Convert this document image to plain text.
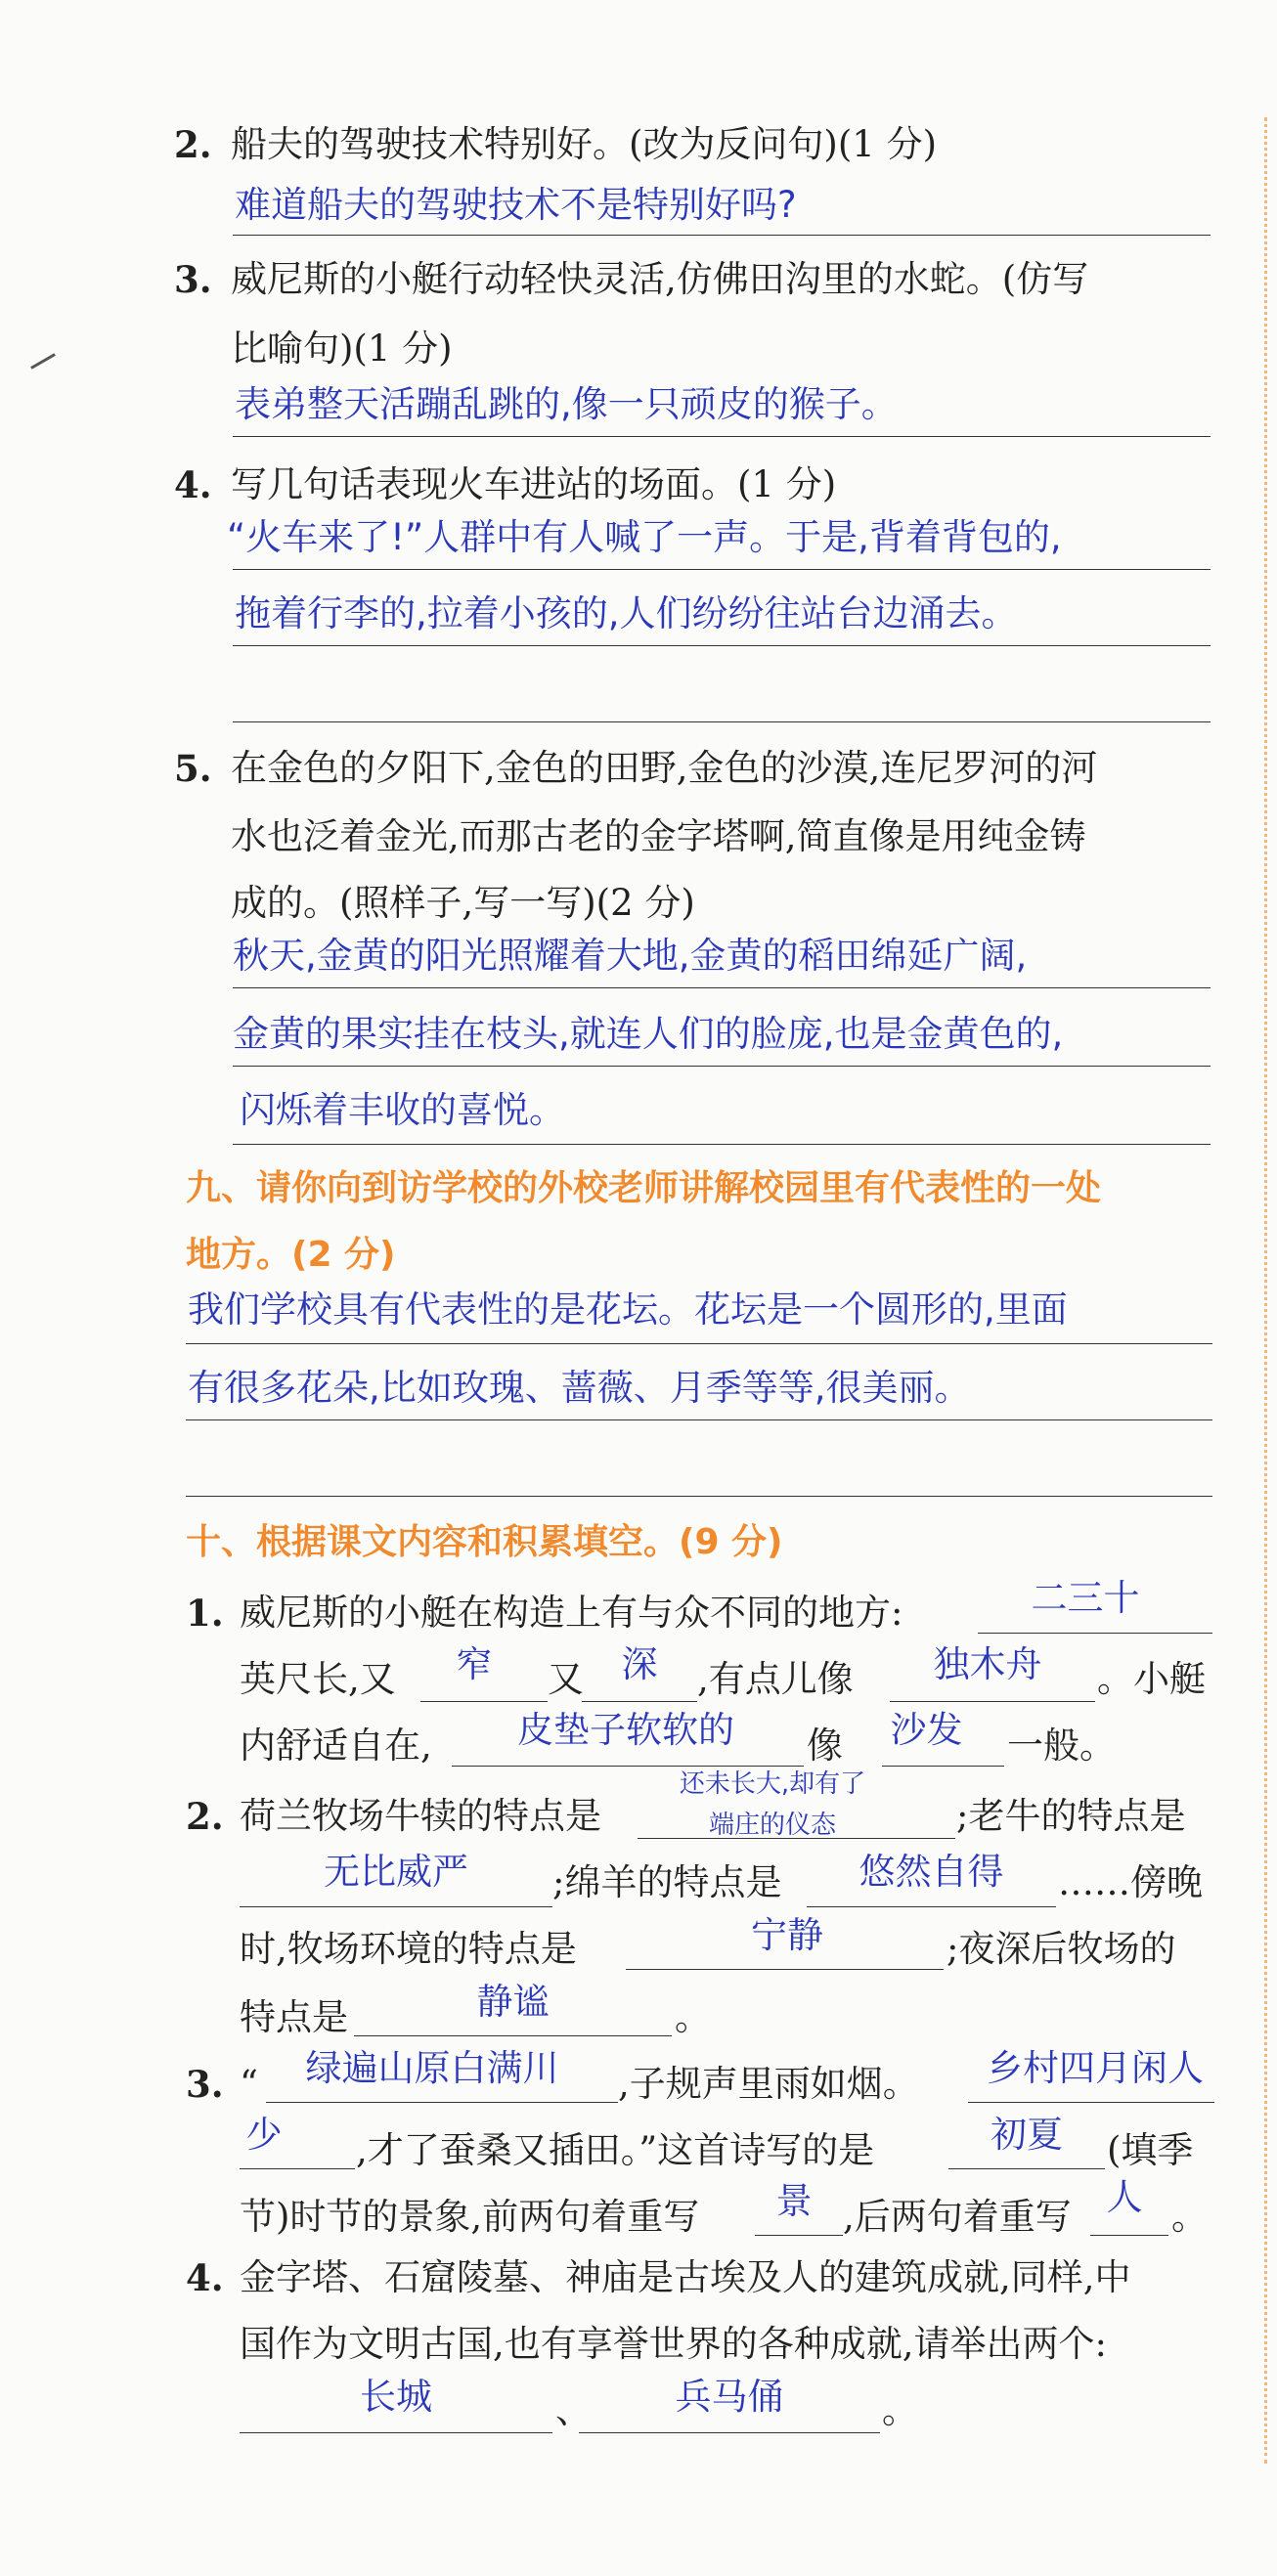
2. 船夫的驾驶技术特别好。(改为反问句)(1 分)
难道船夫的驾驶技术不是特别好吗?
3. 威尼斯的小艇行动轻快灵活,仿佛田沟里的水蛇。(仿写
比喻句)(1 分)
表弟整天活蹦乱跳的,像一只顽皮的猴子。
4. 写几句话表现火车进站的场面。(1 分)
“火车来了!”人群中有人喊了一声。于是,背着背包的,
拖着行李的,拉着小孩的,人们纷纷往站台边涌去。
5. 在金色的夕阳下,金色的田野,金色的沙漠,连尼罗河的河
水也泛着金光,而那古老的金字塔啊,简直像是用纯金铸
成的。(照样子,写一写)(2 分)
秋天,金黄的阳光照耀着大地,金黄的稻田绵延广阔,
金黄的果实挂在枝头,就连人们的脸庞,也是金黄色的,
闪烁着丰收的喜悦。
九、请你向到访学校的外校老师讲解校园里有代表性的一处
地方。(2 分)
我们学校具有代表性的是花坛。花坛是一个圆形的,里面
有很多花朵,比如玫瑰、蔷薇、月季等等,很美丽。
十、根据课文内容和积累填空。(9 分)
1. 威尼斯的小艇在构造上有与众不同的地方:	二三十
英尺长,又	窄	又	深	,有点儿像	独木舟	。小艇
内舒适自在,	皮垫子软软的	像	沙发	一般。
2. 荷兰牧场牛犊的特点是
还未长大,却有了
端庄的仪态	;老牛的特点是
无比威严	;绵羊的特点是	悠然自得	……傍晚
时,牧场环境的特点是	宁静	;夜深后牧场的
特点是	静谧	。
3. “	绿遍山原白满川	,子规声里雨如烟。	乡村四月闲人
少	,才了蚕桑又插田。”这首诗写的是	初夏	(填季
节)时节的景象,前两句着重写	景 ,后两句着重写 人 。
4. 金字塔、石窟陵墓、神庙是古埃及人的建筑成就,同样,中
国作为文明古国,也有享誉世界的各种成就,请举出两个:
长城	、	兵马俑	。
